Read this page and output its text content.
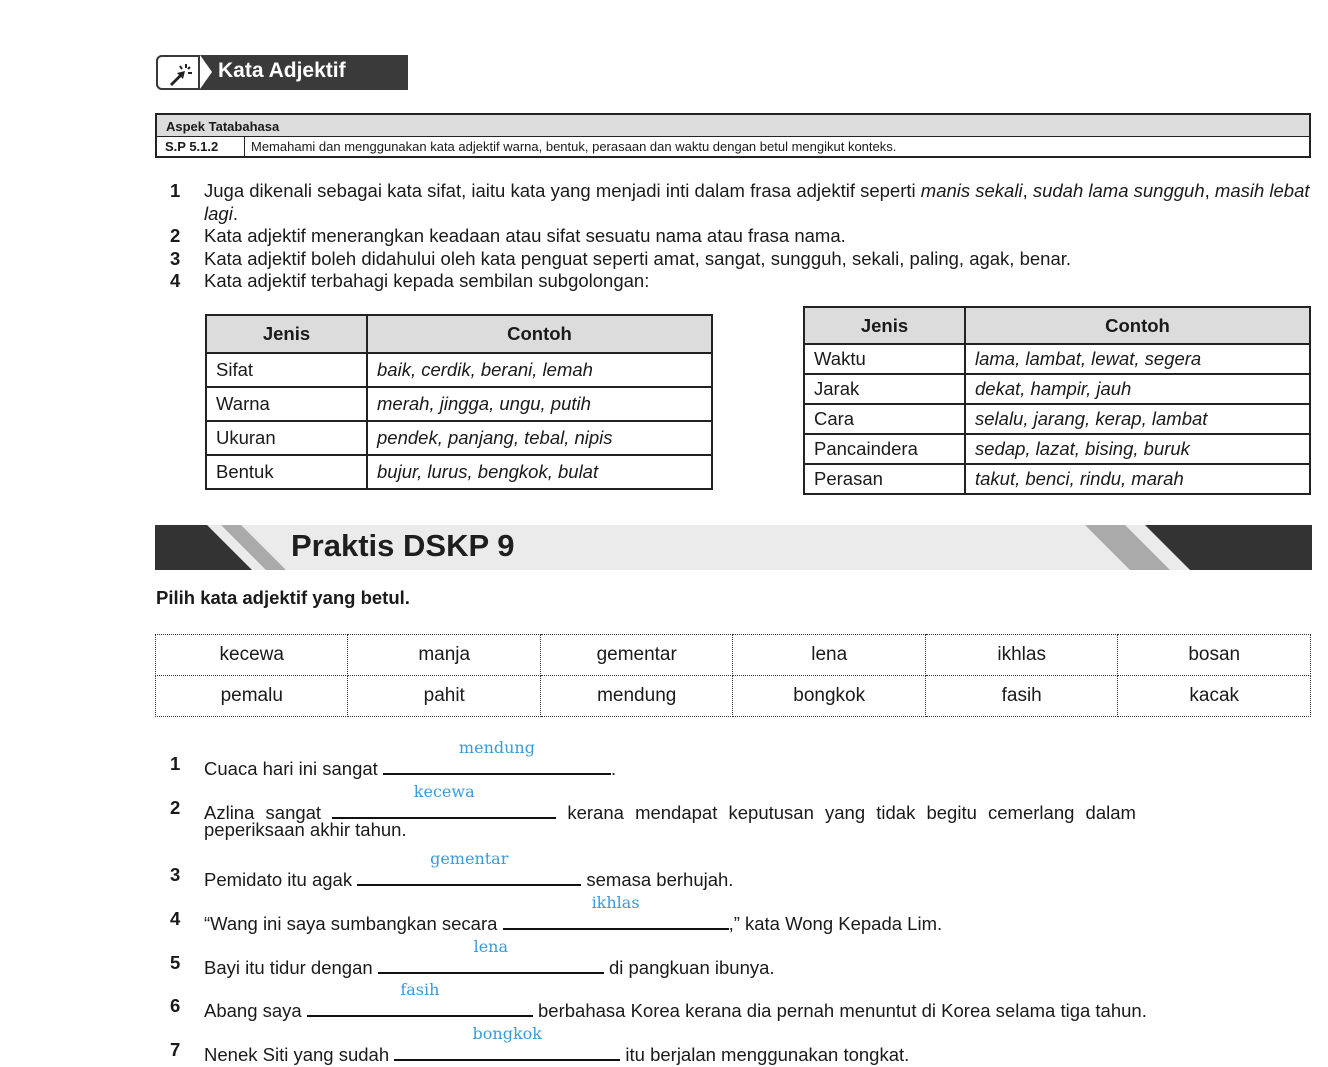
Kata Adjektif
Aspek Tatabahasa
S.P 5.1.2	Memahami dan menggunakan kata adjektif warna, bentuk, perasaan dan waktu dengan betul mengikut konteks.
1	Juga dikenali sebagai kata sifat, iaitu kata yang menjadi inti dalam frasa adjektif seperti manis sekali, sudah lama sungguh, masih lebat lagi.
2	Kata adjektif menerangkan keadaan atau sifat sesuatu nama atau frasa nama.
3	Kata adjektif boleh didahului oleh kata penguat seperti amat, sangat, sungguh, sekali, paling, agak, benar.
4	Kata adjektif terbahagi kepada sembilan subgolongan:
Jenis	Contoh
Sifat	baik, cerdik, berani, lemah
Warna	merah, jingga, ungu, putih
Ukuran	pendek, panjang, tebal, nipis
Bentuk	bujur, lurus, bengkok, bulat
Jenis	Contoh
Waktu	lama, lambat, lewat, segera
Jarak	dekat, hampir, jauh
Cara	selalu, jarang, kerap, lambat
Pancaindera	sedap, lazat, bising, buruk
Perasan	takut, benci, rindu, marah
Praktis DSKP 9
Pilih kata adjektif yang betul.
kecewa	manja	gementar	lena	ikhlas	bosan
pemalu	pahit	mendung	bongkok	fasih	kacak
1 Cuaca hari ini sangat
mendung
.
2 Azlina sangat
kecewa
kerana mendapat keputusan yang tidak begitu cemerlang dalam
peperiksaan akhir tahun.
3 Pemidato itu agak
gementar
semasa berhujah.
4 “Wang ini saya sumbangkan secara
ikhlas
,” kata Wong Kepada Lim.
5 Bayi itu tidur dengan
lena
di pangkuan ibunya.
6 Abang saya
fasih
berbahasa Korea kerana dia pernah menuntut di Korea selama tiga tahun.
7 Nenek Siti yang sudah
bongkok
itu berjalan menggunakan tongkat.
